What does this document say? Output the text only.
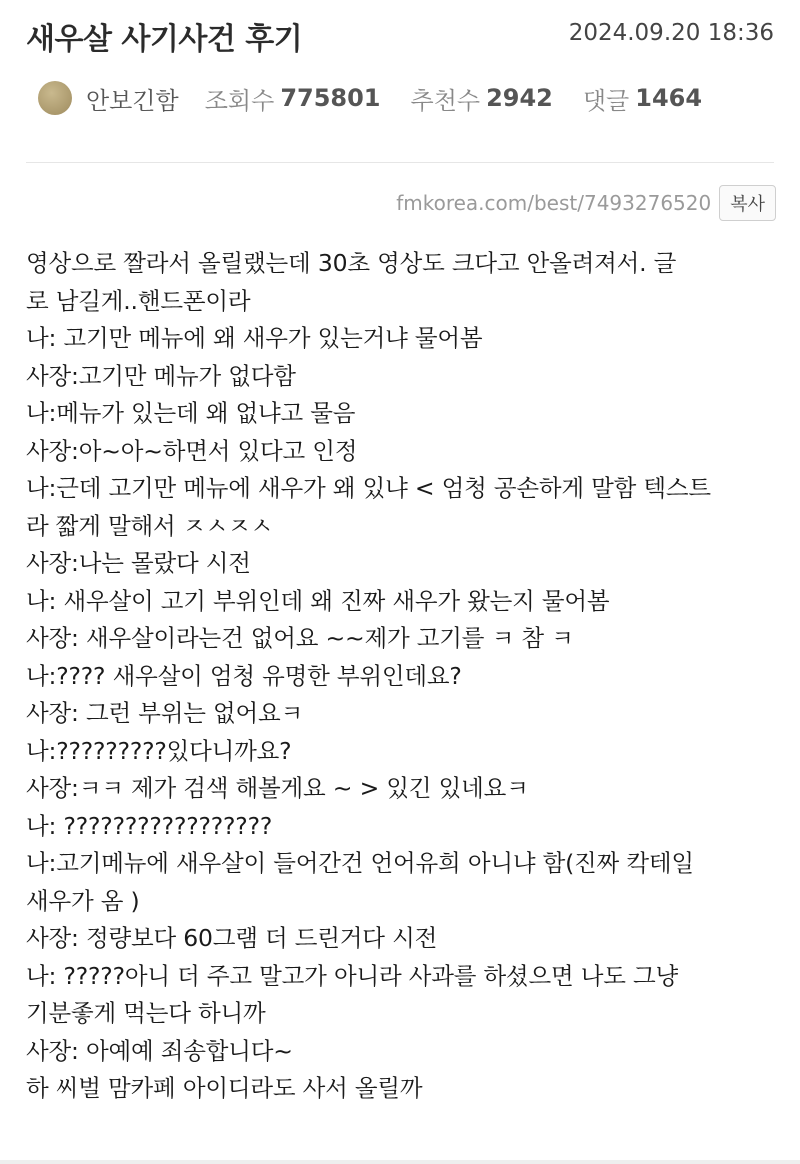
새우살 사기사건 후기	2024.09.20 18:36
안보긴함 조회수 775801 추천수 2942 댓글 1464
fmkorea.com/best/7493276520	복사
영상으로 짤라서 올릴랬는데 30초 영상도 크다고 안올려져서. 글
로 남길게..핸드폰이라
나: 고기만 메뉴에 왜 새우가 있는거냐 물어봄
사장:고기만 메뉴가 없다함
나:메뉴가 있는데 왜 없냐고 물음
사장:아~아~하면서 있다고 인정
나:근데 고기만 메뉴에 새우가 왜 있냐 < 엄청 공손하게 말함 텍스트
라 짧게 말해서 ㅈㅅㅈㅅ
사장:나는 몰랐다 시전
나: 새우살이 고기 부위인데 왜 진짜 새우가 왔는지 물어봄
사장: 새우살이라는건 없어요 ~~제가 고기를 ㅋ 참 ㅋ
나:???? 새우살이 엄청 유명한 부위인데요?
사장: 그런 부위는 없어요ㅋ
나:?????????있다니까요?
사장:ㅋㅋ 제가 검색 해볼게요 ~ > 있긴 있네요ㅋ
나: ?????????????????
나:고기메뉴에 새우살이 들어간건 언어유희 아니냐 함(진짜 칵테일
새우가 옴 )
사장: 정량보다 60그램 더 드린거다 시전
나: ?????아니 더 주고 말고가 아니라 사과를 하셨으면 나도 그냥
기분좋게 먹는다 하니까
사장: 아예예 죄송합니다~
하 씨벌 맘카페 아이디라도 사서 올릴까
